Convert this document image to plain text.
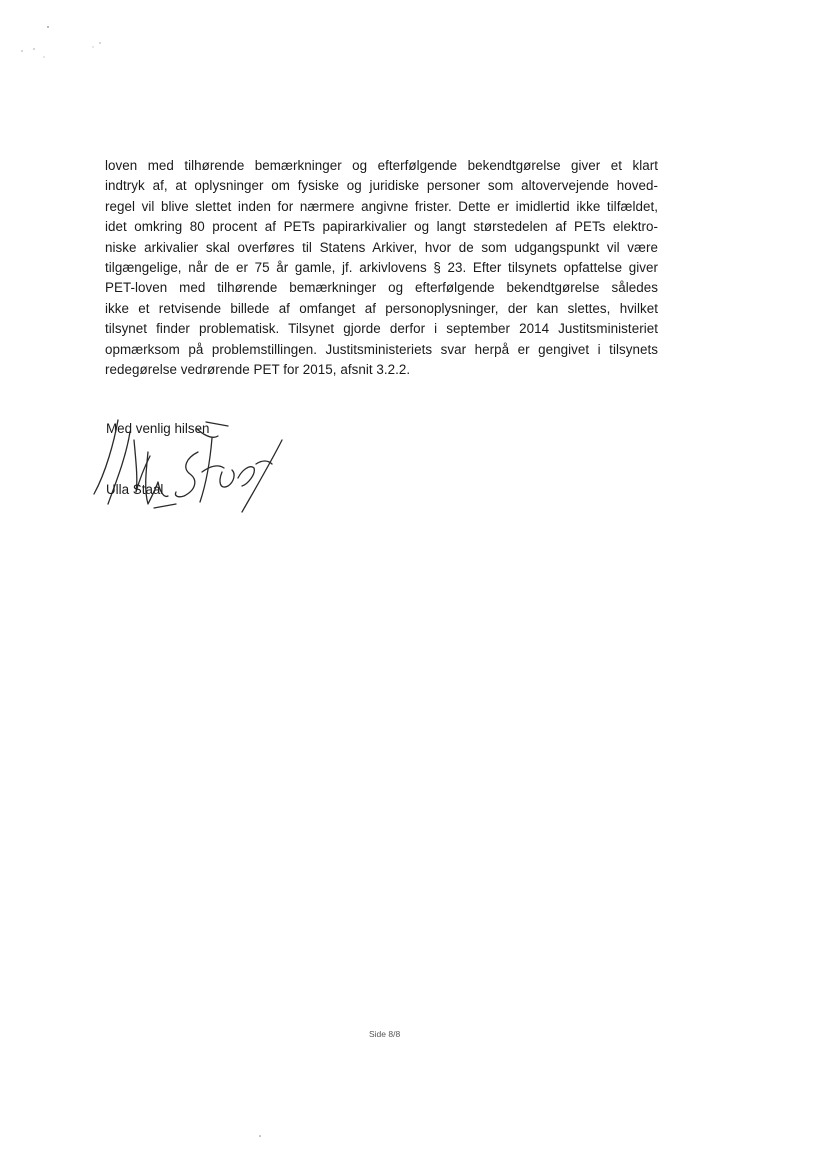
loven med tilhørende bemærkninger og efterfølgende bekendtgørelse giver et klart
indtryk af, at oplysninger om fysiske og juridiske personer som altovervejende hoved-
regel vil blive slettet inden for nærmere angivne frister. Dette er imidlertid ikke tilfældet,
idet omkring 80 procent af PETs papirarkivalier og langt størstedelen af PETs elektro-
niske arkivalier skal overføres til Statens Arkiver, hvor de som udgangspunkt vil være
tilgængelige, når de er 75 år gamle, jf. arkivlovens § 23. Efter tilsynets opfattelse giver
PET-loven med tilhørende bemærkninger og efterfølgende bekendtgørelse således
ikke et retvisende billede af omfanget af personoplysninger, der kan slettes, hvilket
tilsynet finder problematisk. Tilsynet gjorde derfor i september 2014 Justitsministeriet
opmærksom på problemstillingen. Justitsministeriets svar herpå er gengivet i tilsynets
redegørelse vedrørende PET for 2015, afsnit 3.2.2.
Med venlig hilsen
Ulla Staal
Side 8/8
